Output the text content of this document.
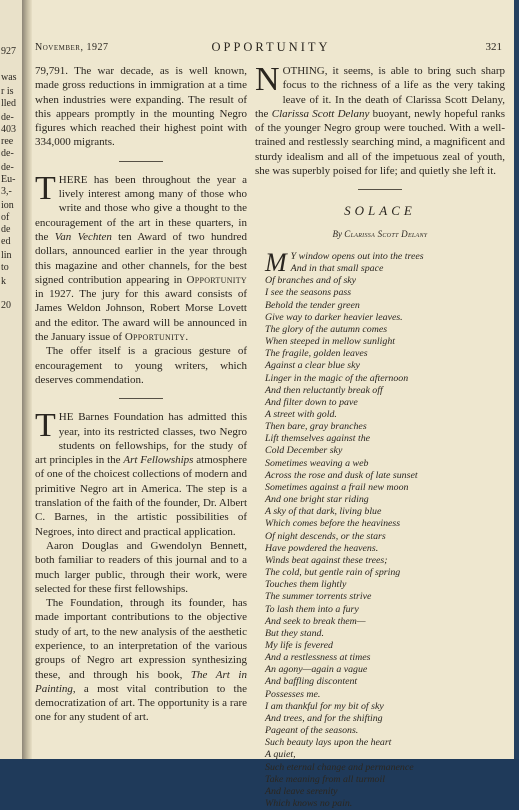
927
was
r is
lled
de-
403
ree
de-
de-
Eu-
3,-
ion
of
de
ed
lin
to
k
20
November, 1927	OPPORTUNITY	321

79,791. The war decade, as is well known, made gross reductions in immigration at a time when industries were expanding. The result of this appears promptly in the mounting Negro figures which reached their highest point with 334,000 migrants.

THERE has been throughout the year a lively interest among many of those who write and those who give a thought to the encouragement of the art in these quarters, in the Van Vechten ten Award of two hundred dollars, announced earlier in the year through this magazine and other channels, for the best signed contribution appearing in Opportunity in 1927. The jury for this award consists of James Weldon Johnson, Robert Morse Lovett and the editor. The award will be announced in the January issue of Opportunity.

The offer itself is a gracious gesture of encouragement to young writers, which deserves commendation.

THE Barnes Foundation has admitted this year, into its restricted classes, two Negro students on fellowships, for the study of art principles in the Art Fellowships atmosphere of one of the choicest collections of modern and primitive Negro art in America. The step is a translation of the faith of the founder, Dr. Albert C. Barnes, in the artistic possibilities of Negroes, into direct and practical application.

Aaron Douglas and Gwendolyn Bennett, both familiar to readers of this journal and to a much larger public, through their work, were selected for these first fellowships.

The Foundation, through its founder, has made important contributions to the objective study of art, to the new analysis of the aesthetic experience, to an interpretation of the various groups of Negro art expression synthesizing these, and through his book, The Art in Painting, a most vital contribution to the democratization of art. The opportunity is a rare one for any student of art.

NOTHING, it seems, is able to bring such sharp focus to the richness of a life as the very taking leave of it. In the death of Clarissa Scott Delany, the Clarissa Scott Delany buoyant, newly hopeful ranks of the younger Negro group were touched. With a well-trained and restlessly searching mind, a magnificent and sturdy idealism and all of the impetuous zeal of youth, she was superbly poised for life; and quietly she left it.

SOLACE
By Clarissa Scott Delany
M Y window opens out into the trees
And in that small space
Of branches and of sky
I see the seasons pass
Behold the tender green
Give way to darker heavier leaves.
The glory of the autumn comes
When steeped in mellow sunlight
The fragile, golden leaves
Against a clear blue sky
Linger in the magic of the afternoon
And then reluctantly break off
And filter down to pave
A street with gold.
Then bare, gray branches
Lift themselves against the
Cold December sky
Sometimes weaving a web
Across the rose and dusk of late sunset
Sometimes against a frail new moon
And one bright star riding
A sky of that dark, living blue
Which comes before the heaviness
Of night descends, or the stars
Have powdered the heavens.
Winds beat against these trees;
The cold, but gentle rain of spring
Touches them lightly
The summer torrents strive
To lash them into a fury
And seek to break them—
But they stand.
My life is fevered
And a restlessness at times
An agony—again a vague
And baffling discontent
Possesses me.
I am thankful for my bit of sky
And trees, and for the shifting
Pageant of the seasons.
Such beauty lays upon the heart
A quiet,
Such eternal change and permanence
Take meaning from all turmoil
And leave serenity
Which knows no pain.
